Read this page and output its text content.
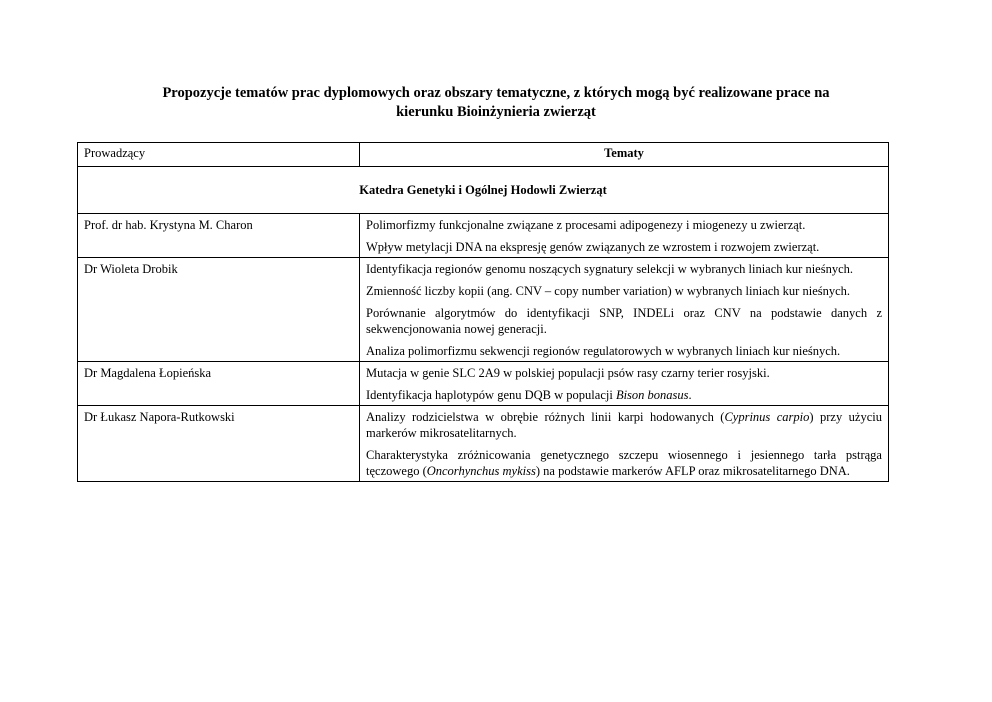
Propozycje tematów prac dyplomowych oraz obszary tematyczne, z których mogą być realizowane prace na
kierunku Bioinżynieria zwierząt
Prowadzący	Tematy
Katedra Genetyki i Ogólnej Hodowli Zwierząt	
Prof. dr hab. Krystyna M. Charon	Polimorfizmy funkcjonalne związane z procesami adipogenezy i miogenezy u zwierząt.
Wpływ metylacji DNA na ekspresję genów związanych ze wzrostem i rozwojem zwierząt.

Dr Wioleta Drobik	Identyfikacja regionów genomu noszących sygnatury selekcji w wybranych liniach kur nieśnych.
Zmienność liczby kopii (ang. CNV – copy number variation) w wybranych liniach kur nieśnych.
Porównanie algorytmów do identyfikacji SNP, INDELi oraz CNV na podstawie danych z sekwencjonowania nowej generacji.
Analiza polimorfizmu sekwencji regionów regulatorowych w wybranych liniach kur nieśnych.

Dr Magdalena Łopieńska	Mutacja w genie SLC 2A9 w polskiej populacji psów rasy czarny terier rosyjski.
Identyfikacja haplotypów genu DQB w populacji Bison bonasus.

Dr Łukasz Napora-Rutkowski	Analizy rodzicielstwa w obrębie różnych linii karpi hodowanych (Cyprinus carpio) przy użyciu markerów mikrosatelitarnych.
Charakterystyka zróżnicowania genetycznego szczepu wiosennego i jesiennego tarła pstrąga tęczowego (Oncorhynchus mykiss) na podstawie markerów AFLP oraz mikrosatelitarnego DNA.
